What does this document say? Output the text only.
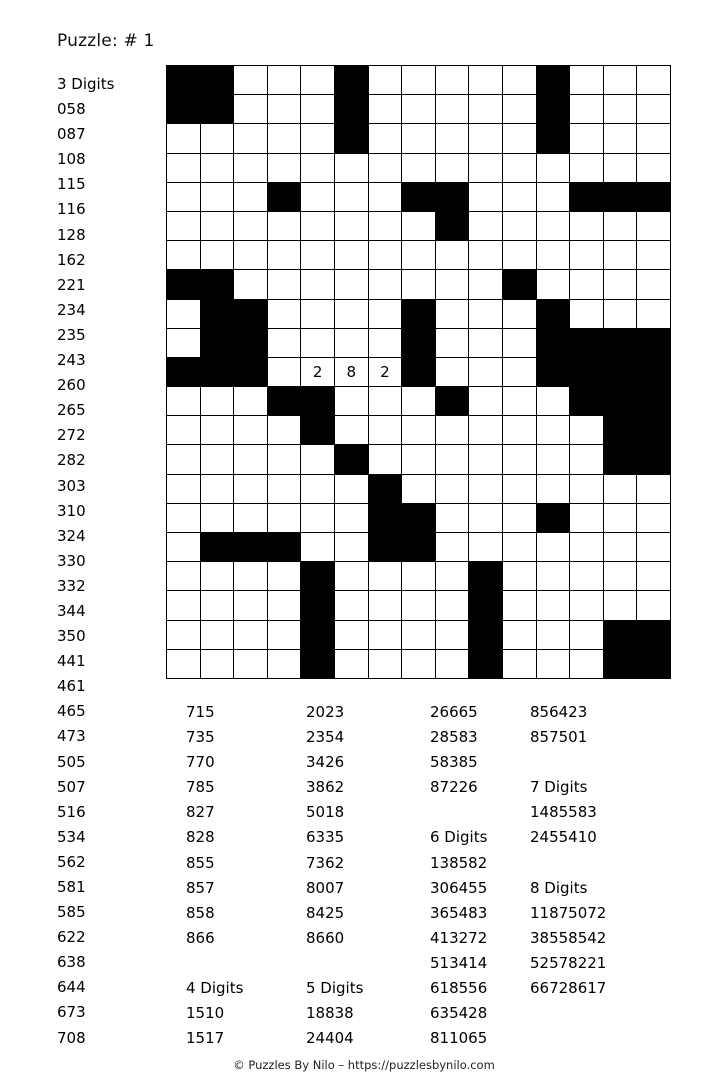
Puzzle: # 1
3 Digits
058
087
108
115
116
128
162
221
234
235
243
260
265
272
282
303
310
324
330
332
344
350
441
461
465
473
505
507
516
534
562
581
585
622
638
644
673
708

				2	8	2								

715
735
770
785
827
828
855
857
858
866

4 Digits
1510
1517
2023
2354
3426
3862
5018
6335
7362
8007
8425
8660

5 Digits
18838
24404
26665
28583
58385
87226

6 Digits
138582
306455
365483
413272
513414
618556
635428
811065
856423
857501

7 Digits
1485583
2455410

8 Digits
11875072
38558542
52578221
66728617

© Puzzles By Nilo – https://puzzlesbynilo.com
